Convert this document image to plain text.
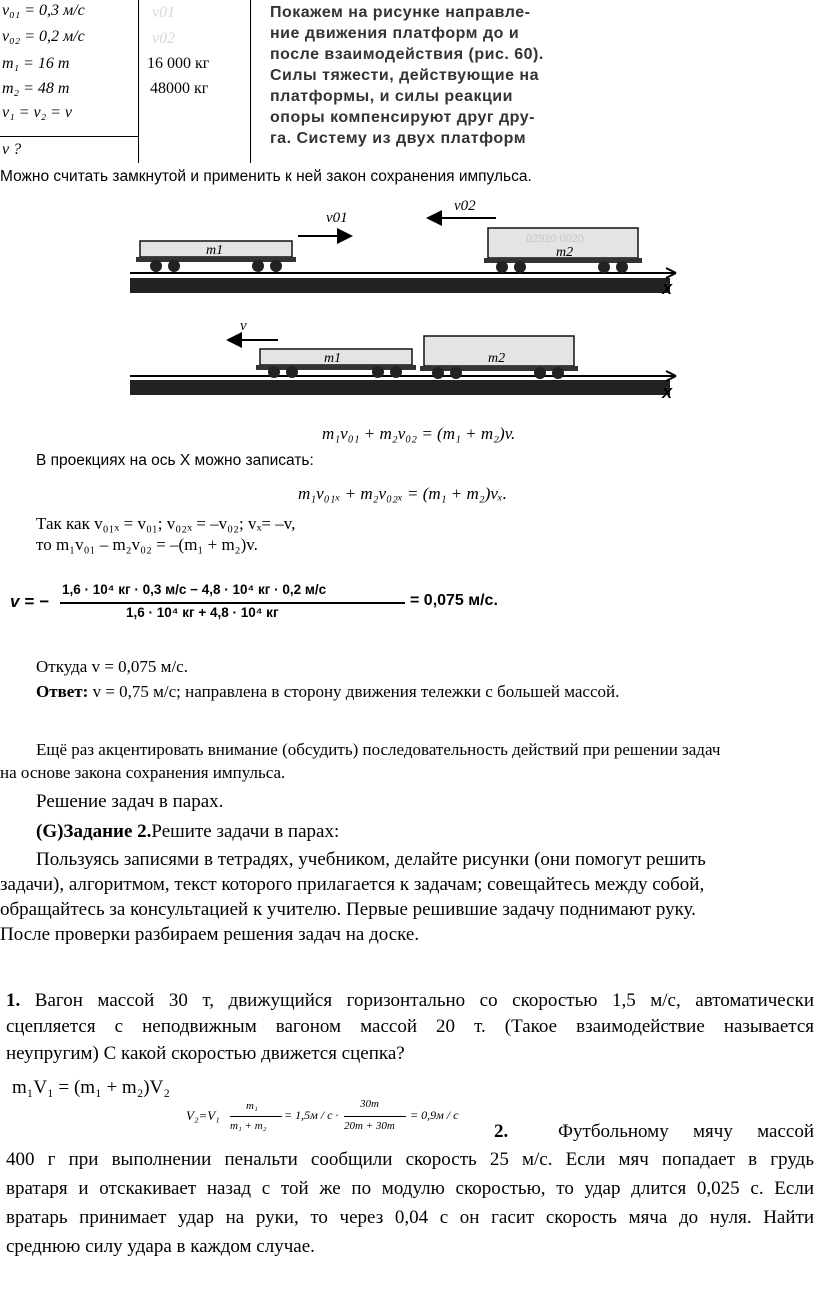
v₀₁ = 0,3 м/с
v₀₂ = 0,2 м/с
m₁ = 16 т
m₂ = 48 т
v₁ = v₂ = v
v ?
v01
v02
16 000 кг
48000 кг
Покажем на рисунке направле-
ние движения платформ до и
после взаимодействия (рис. 60).
Силы тяжести, действующие на
платформы, и силы реакции
опоры компенсируют друг дру-
га. Систему из двух платформ
Можно считать замкнутой и применить к ней закон сохранения импульса.
X
m1
02920 0020
m2
v01
v02
X
m1	m2
v
m₁v₀₁ + m₂v₀₂ = (m₁ + m₂)v.
В проекциях на ось X можно записать:
m₁v₀₁ₓ + m₂v₀₂ₓ = (m₁ + m₂)vₓ.
Так как v₀₁ₓ = v₀₁; v₀₂ₓ = –v₀₂; vₓ= –v,
то m₁v₀₁ – m₂v₀₂ = –(m₁ + m₂)v.
v = −
1,6 · 10⁴ кг · 0,3 м/с − 4,8 · 10⁴ кг · 0,2 м/с
1,6 · 10⁴ кг + 4,8 · 10⁴ кг
= 0,075 м/с.
Откуда v = 0,075 м/с.
Ответ: v = 0,75 м/с; направлена в сторону движения тележки с большей массой.
Ещё раз акцентировать внимание (обсудить) последовательность действий при решении задач
на основе закона сохранения импульса.
Решение задач в парах.
(G)Задание 2.Решите задачи в парах:
Пользуясь записями в тетрадях, учебником, делайте рисунки (они помогут решить
задачи), алгоритмом, текст которого прилагается к задачам; совещайтесь между собой,
обращайтесь за консультацией к учителю. Первые решившие задачу поднимают руку.
После проверки разбираем решения задач на доске.
1. Вагон массой 30 т, движущийся горизонтально со скоростью 1,5 м/с, автоматически
сцепляется с неподвижным вагоном массой 20 т. (Такое взаимодействие называется
неупругим) С какой скоростью движется сцепка?
m₁V₁ = (m₁ + m₂)V₂
V₂=V₁
m₁
m₁ + m₂
= 1,5м / с ·
30m
20m + 30m
= 0,9м / с
2.	Футбольному мячу массой
400 г при выполнении пенальти сообщили скорость 25 м/с. Если мяч попадает в грудь
вратаря и отскакивает назад с той же по модулю скоростью, то удар длится 0,025 с. Если
вратарь принимает удар на руки, то через 0,04 с он гасит скорость мяча до нуля. Найти
среднюю силу удара в каждом случае.
